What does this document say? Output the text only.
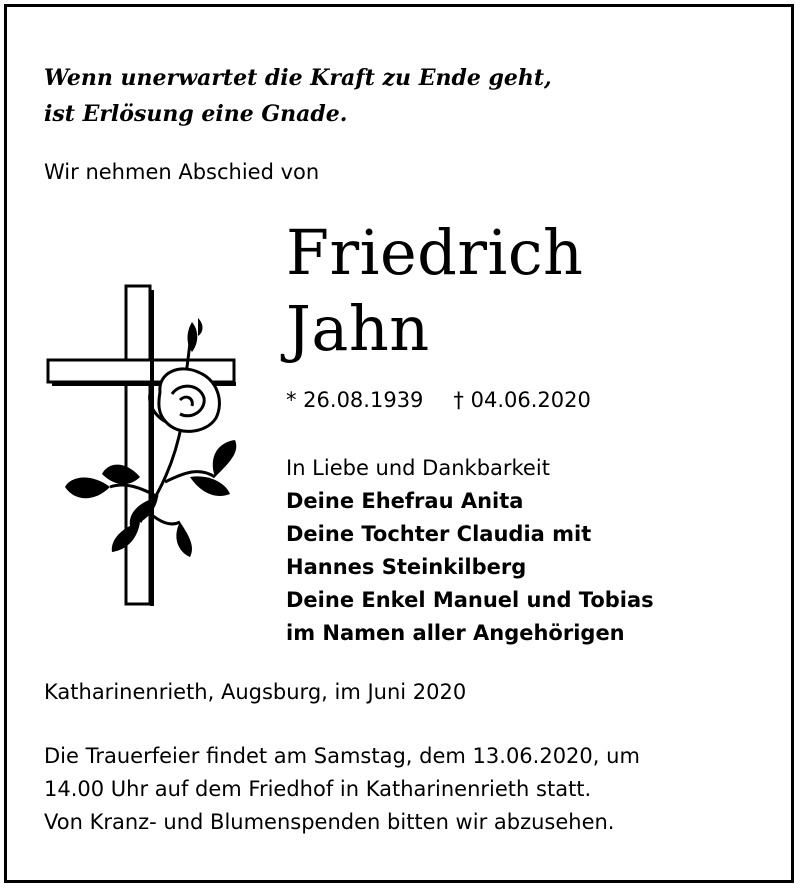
Wenn unerwartet die Kraft zu Ende geht,
ist Erlösung eine Gnade.
Wir nehmen Abschied von
Friedrich
Jahn
* 26.08.1939 † 04.06.2020
In Liebe und Dankbarkeit
Deine Ehefrau Anita
Deine Tochter Claudia mit
Hannes Steinkilberg
Deine Enkel Manuel und Tobias
im Namen aller Angehörigen
Katharinenrieth, Augsburg, im Juni 2020
Die Trauerfeier findet am Samstag, dem 13.06.2020, um
14.00 Uhr auf dem Friedhof in Katharinenrieth statt.
Von Kranz- und Blumenspenden bitten wir abzusehen.
